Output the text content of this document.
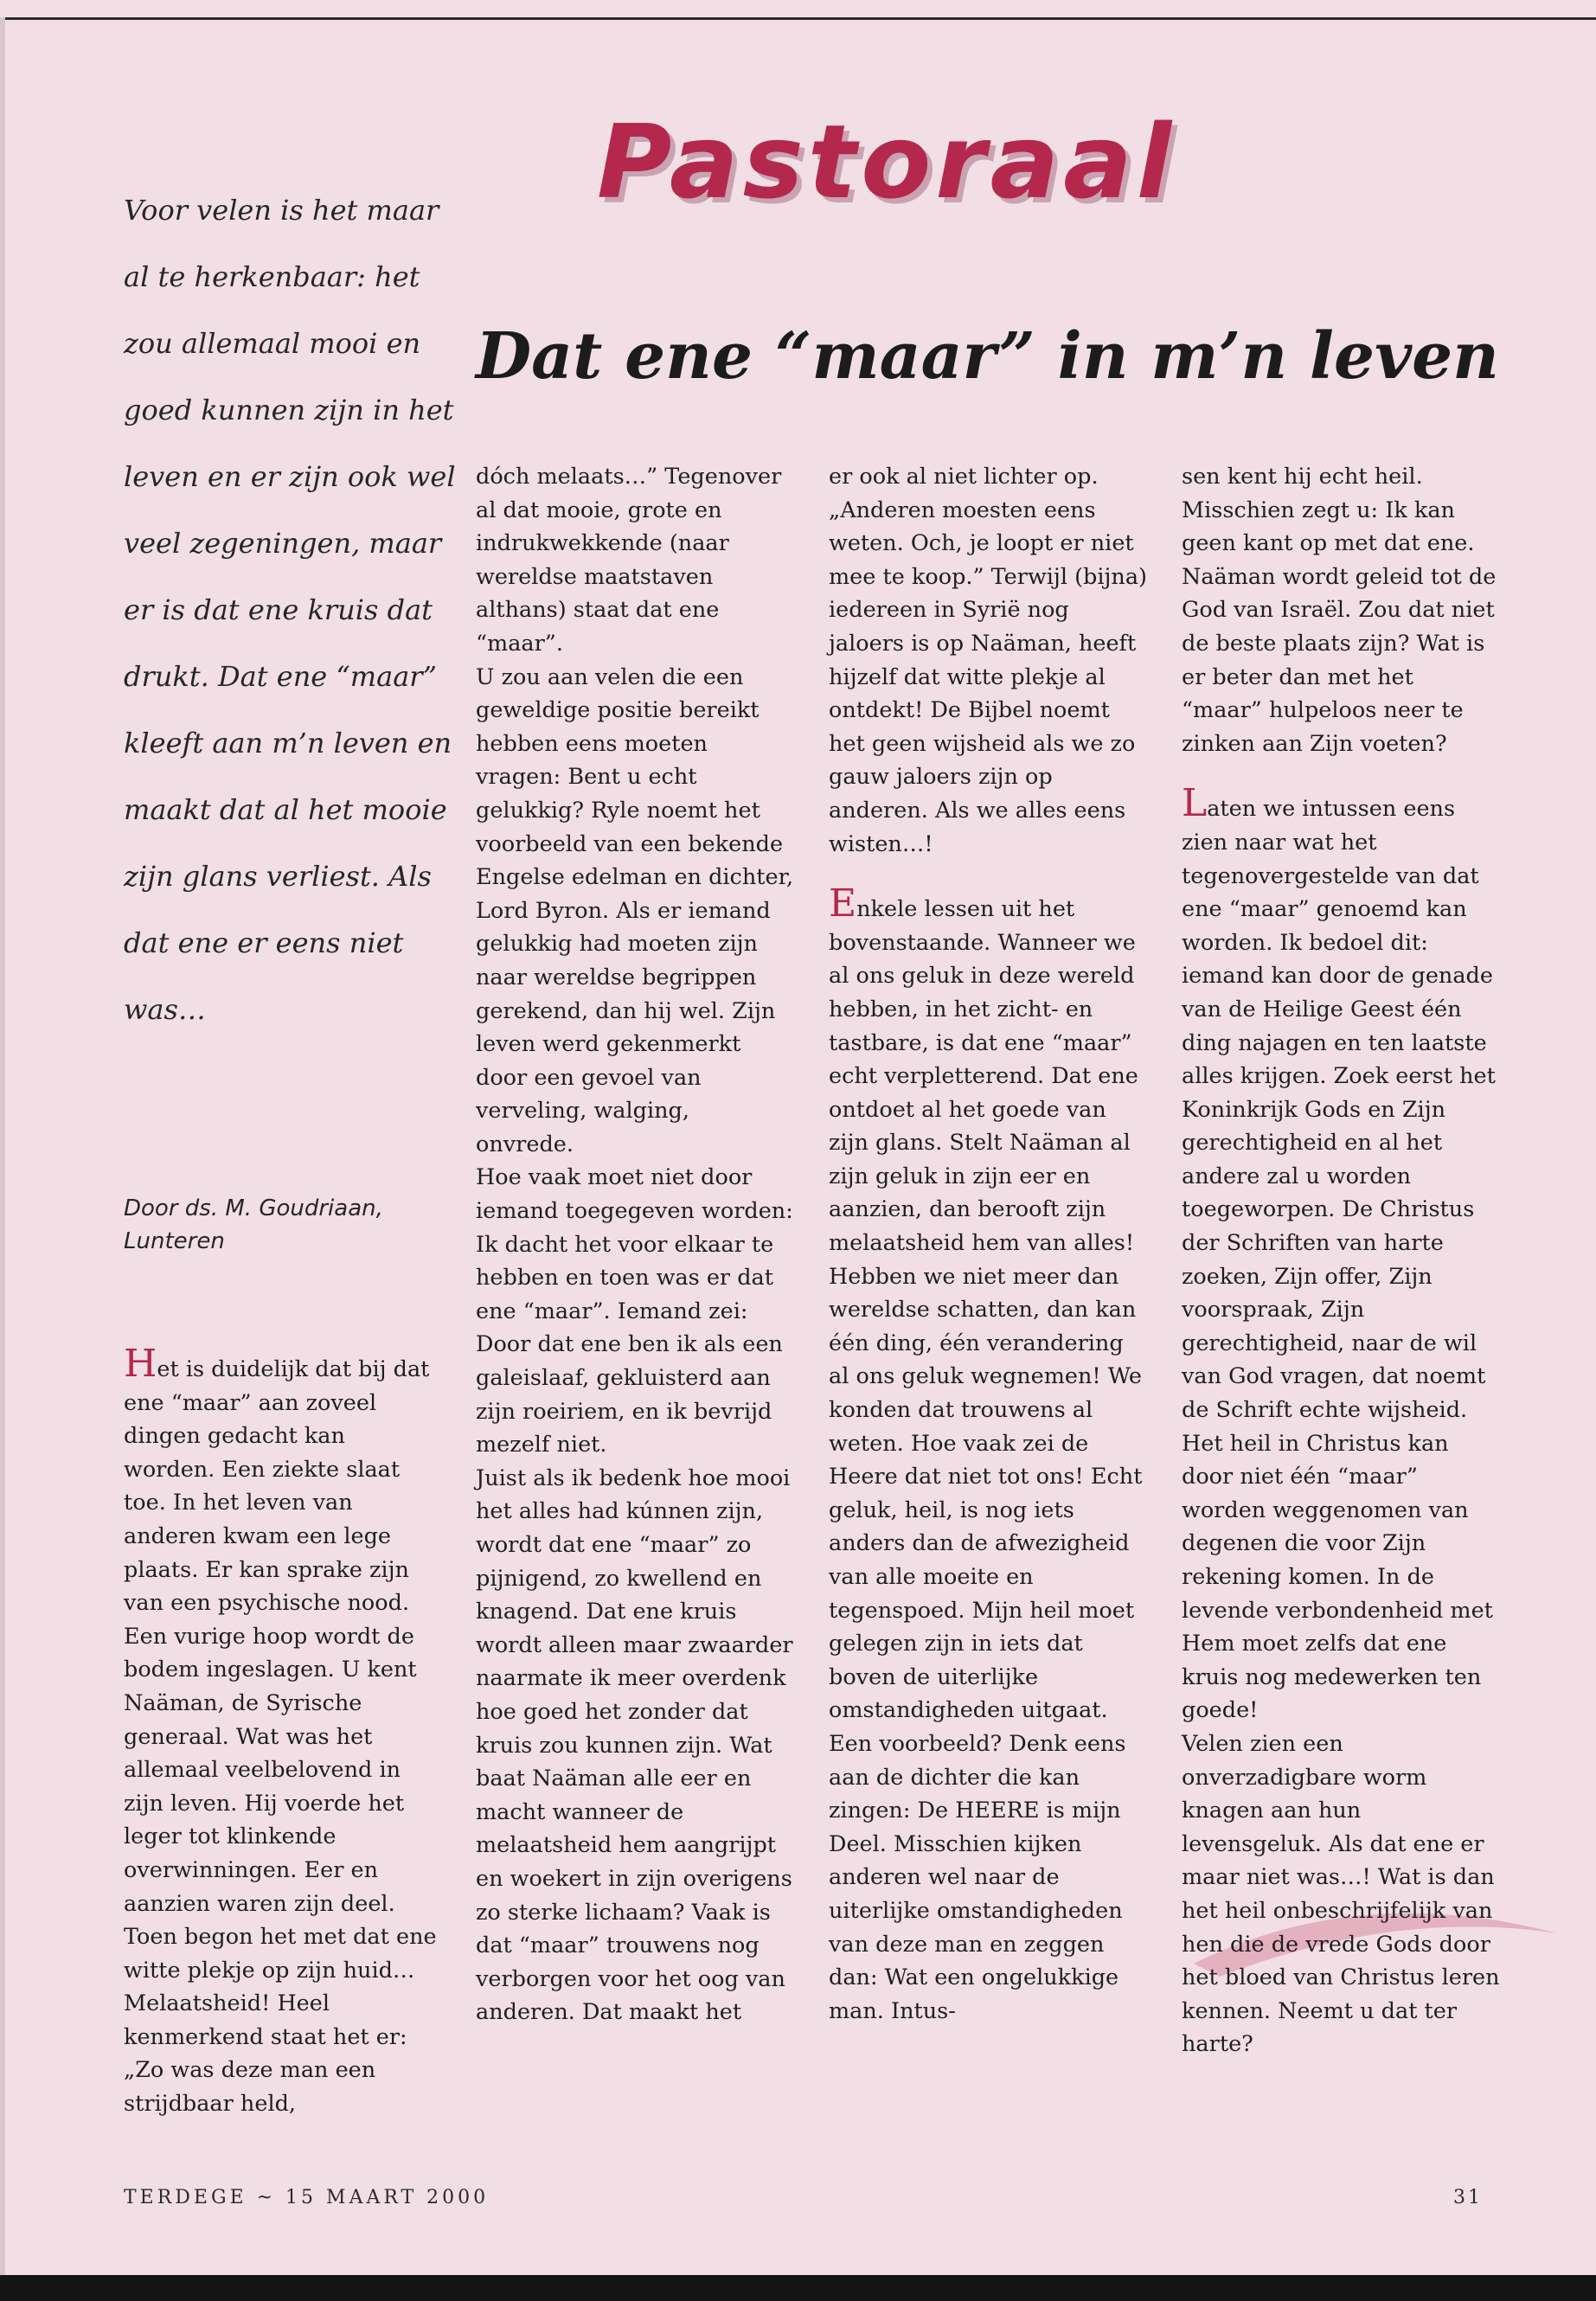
Pastoraal
Dat ene “maar” in m’n leven

Voor velen is het maar al te herkenbaar: het zou allemaal mooi en goed kunnen zijn in het leven en er zijn ook wel veel zegeningen, maar er is dat ene kruis dat drukt. Dat ene “maar” kleeft aan m’n leven en maakt dat al het mooie zijn glans verliest. Als dat ene er eens niet was…

Door ds. M. Goudriaan, Lunteren

Het is duidelijk dat bij dat ene “maar” aan zoveel dingen gedacht kan worden. Een ziekte slaat toe. In het leven van anderen kwam een lege plaats. Er kan sprake zijn van een psychische nood. Een vurige hoop wordt de bodem ingeslagen. U kent Naäman, de Syrische generaal. Wat was het allemaal veelbelovend in zijn leven. Hij voerde het leger tot klinkende overwinningen. Eer en aanzien waren zijn deel. Toen begon het met dat ene witte plekje op zijn huid… Melaatsheid! Heel kenmerkend staat het er: „Zo was deze man een strijdbaar held,

dóch melaats…” Tegenover al dat mooie, grote en indrukwekkende (naar wereldse maatstaven althans) staat dat ene “maar”.

U zou aan velen die een geweldige positie bereikt hebben eens moeten vragen: Bent u echt gelukkig? Ryle noemt het voorbeeld van een bekende Engelse edelman en dichter, Lord Byron. Als er iemand gelukkig had moeten zijn naar wereldse begrippen gerekend, dan hij wel. Zijn leven werd gekenmerkt door een gevoel van verveling, walging, onvrede.

Hoe vaak moet niet door iemand toegegeven worden: Ik dacht het voor elkaar te hebben en toen was er dat ene “maar”. Iemand zei: Door dat ene ben ik als een galeislaaf, gekluisterd aan zijn roeiriem, en ik bevrijd mezelf niet.

Juist als ik bedenk hoe mooi het alles had kúnnen zijn, wordt dat ene “maar” zo pijnigend, zo kwellend en knagend. Dat ene kruis wordt alleen maar zwaarder naarmate ik meer overdenk hoe goed het zonder dat kruis zou kunnen zijn. Wat baat Naäman alle eer en macht wanneer de melaatsheid hem aangrijpt en woekert in zijn overigens zo sterke lichaam? Vaak is dat “maar” trouwens nog verborgen voor het oog van anderen. Dat maakt het

er ook al niet lichter op. „Anderen moesten eens weten. Och, je loopt er niet mee te koop.” Terwijl (bijna) iedereen in Syrië nog jaloers is op Naäman, heeft hijzelf dat witte plekje al ontdekt! De Bijbel noemt het geen wijsheid als we zo gauw jaloers zijn op anderen. Als we alles eens wisten…!

Enkele lessen uit het bovenstaande. Wanneer we al ons geluk in deze wereld hebben, in het zicht- en tastbare, is dat ene “maar” echt verpletterend. Dat ene ontdoet al het goede van zijn glans. Stelt Naäman al zijn geluk in zijn eer en aanzien, dan berooft zijn melaatsheid hem van alles! Hebben we niet meer dan wereldse schatten, dan kan één ding, één verandering al ons geluk wegnemen! We konden dat trouwens al weten. Hoe vaak zei de Heere dat niet tot ons! Echt geluk, heil, is nog iets anders dan de afwezigheid van alle moeite en tegenspoed. Mijn heil moet gelegen zijn in iets dat boven de uiterlijke omstandigheden uitgaat. Een voorbeeld? Denk eens aan de dichter die kan zingen: De HEERE is mijn Deel. Misschien kijken anderen wel naar de uiterlijke omstandigheden van deze man en zeggen dan: Wat een ongelukkige man. Intus-

sen kent hij echt heil. Misschien zegt u: Ik kan geen kant op met dat ene. Naäman wordt geleid tot de God van Israël. Zou dat niet de beste plaats zijn? Wat is er beter dan met het “maar” hulpeloos neer te zinken aan Zijn voeten?

Laten we intussen eens zien naar wat het tegenovergestelde van dat ene “maar” genoemd kan worden. Ik bedoel dit: iemand kan door de genade van de Heilige Geest één ding najagen en ten laatste alles krijgen. Zoek eerst het Koninkrijk Gods en Zijn gerechtigheid en al het andere zal u worden toegeworpen. De Christus der Schriften van harte zoeken, Zijn offer, Zijn voorspraak, Zijn gerechtigheid, naar de wil van God vragen, dat noemt de Schrift echte wijsheid. Het heil in Christus kan door niet één “maar” worden weggenomen van degenen die voor Zijn rekening komen. In de levende verbondenheid met Hem moet zelfs dat ene kruis nog medewerken ten goede!

Velen zien een onverzadigbare worm knagen aan hun levensgeluk. Als dat ene er maar niet was…! Wat is dan het heil onbeschrijfelijk van hen die de vrede Gods door het bloed van Christus leren kennen. Neemt u dat ter harte?

TERDEGE ~ 15 MAART 2000	31
